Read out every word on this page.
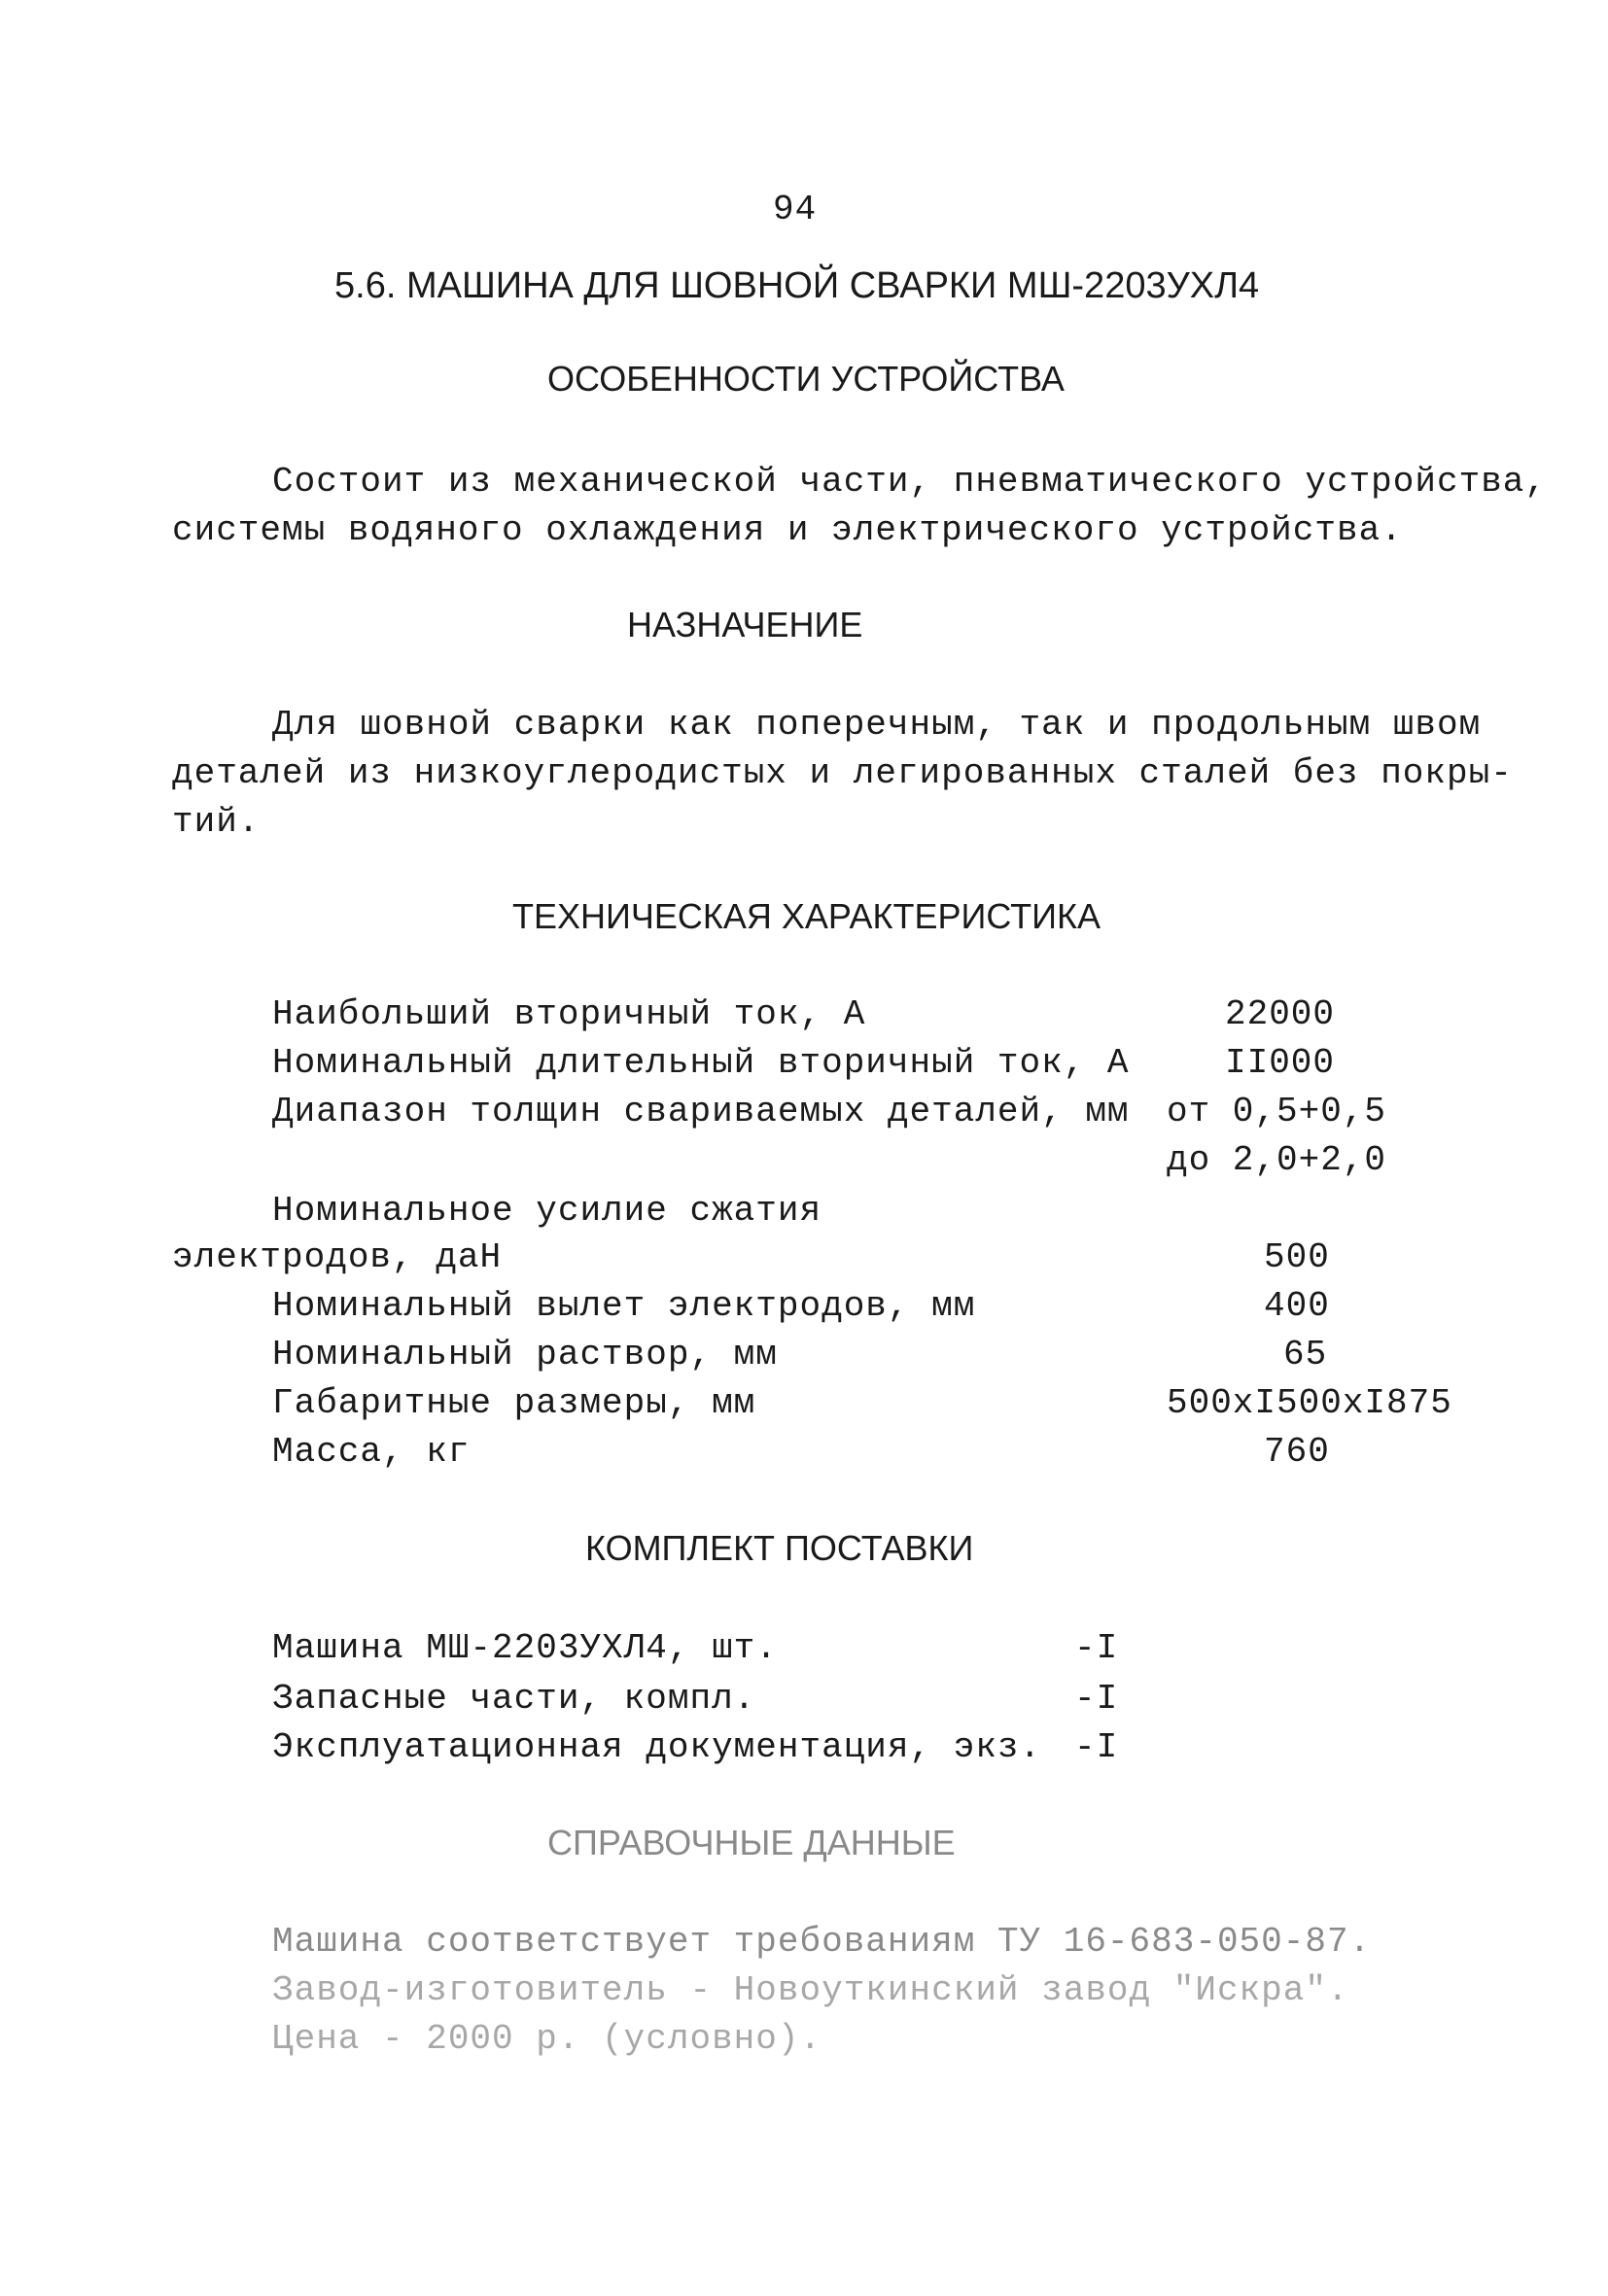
94
5.6. МАШИНА ДЛЯ ШОВНОЙ СВАРКИ МШ-2203УХЛ4
ОСОБЕННОСТИ УСТРОЙСТВА
Состоит из механической части, пневматического устройства,
системы водяного охлаждения и электрического устройства.
НАЗНАЧЕНИЕ
Для шовной сварки как поперечным, так и продольным швом
деталей из низкоуглеродистых и легированных сталей без покры-
тий.
ТЕХНИЧЕСКАЯ ХАРАКТЕРИСТИКА
Наибольший вторичный ток, А	22000
Номинальный длительный вторичный ток, А	II000
Диапазон толщин свариваемых деталей, мм от 0,5+0,5
до 2,0+2,0
Номинальное усилие сжатия
электродов, даН	500
Номинальный вылет электродов, мм	400
Номинальный раствор, мм	65
Габаритные размеры, мм	500хI500хI875
Масса, кг	760
КОМПЛЕКТ ПОСТАВКИ
Машина МШ-2203УХЛ4, шт.	-I
Запасные части, компл.	-I
Эксплуатационная документация, экз. -I
СПРАВОЧНЫЕ ДАННЫЕ
Машина соответствует требованиям ТУ 16-683-050-87.
Завод-изготовитель - Новоуткинский завод "Искра".
Цена - 2000 р. (условно).
